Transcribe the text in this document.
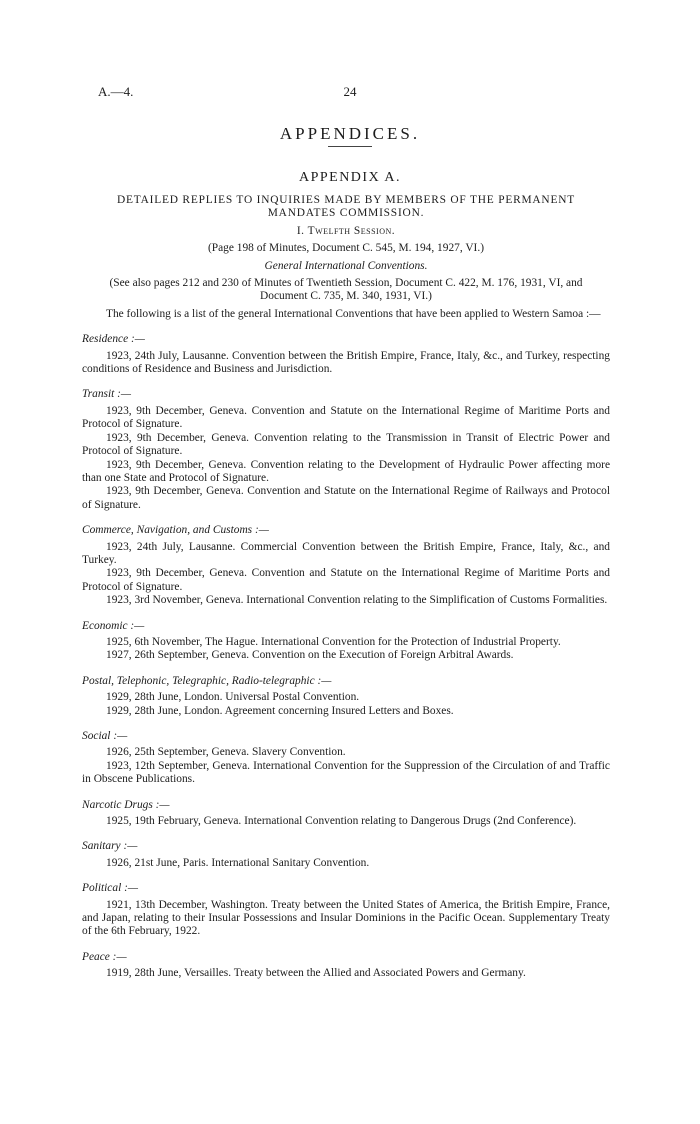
A.—4.	24
APPENDICES.
APPENDIX A.

DETAILED REPLIES TO INQUIRIES MADE BY MEMBERS OF THE PERMANENT

MANDATES COMMISSION.

I. Twelfth Session.

(Page 198 of Minutes, Document C. 545, M. 194, 1927, VI.)

General International Conventions.

(See also pages 212 and 230 of Minutes of Twentieth Session, Document C. 422, M. 176, 1931, VI, and Document C. 735, M. 340, 1931, VI.)

The following is a list of the general International Conventions that have been applied to Western Samoa :—

Residence :—

1923, 24th July, Lausanne. Convention between the British Empire, France, Italy, &c., and Turkey, respecting conditions of Residence and Business and Jurisdiction.

Transit :—

1923, 9th December, Geneva. Convention and Statute on the International Regime of Maritime Ports and Protocol of Signature.

1923, 9th December, Geneva. Convention relating to the Transmission in Transit of Electric Power and Protocol of Signature.

1923, 9th December, Geneva. Convention relating to the Development of Hydraulic Power affecting more than one State and Protocol of Signature.

1923, 9th December, Geneva. Convention and Statute on the International Regime of Railways and Protocol of Signature.

Commerce, Navigation, and Customs :—

1923, 24th July, Lausanne. Commercial Convention between the British Empire, France, Italy, &c., and Turkey.

1923, 9th December, Geneva. Convention and Statute on the International Regime of Maritime Ports and Protocol of Signature.

1923, 3rd November, Geneva. International Convention relating to the Simplification of Customs Formalities.

Economic :—

1925, 6th November, The Hague. International Convention for the Protection of Industrial Property.

1927, 26th September, Geneva. Convention on the Execution of Foreign Arbitral Awards.

Postal, Telephonic, Telegraphic, Radio-telegraphic :—

1929, 28th June, London. Universal Postal Convention.

1929, 28th June, London. Agreement concerning Insured Letters and Boxes.

Social :—

1926, 25th September, Geneva. Slavery Convention.

1923, 12th September, Geneva. International Convention for the Suppression of the Circulation of and Traffic in Obscene Publications.

Narcotic Drugs :—

1925, 19th February, Geneva. International Convention relating to Dangerous Drugs (2nd Conference).

Sanitary :—

1926, 21st June, Paris. International Sanitary Convention.

Political :—

1921, 13th December, Washington. Treaty between the United States of America, the British Empire, France, and Japan, relating to their Insular Possessions and Insular Dominions in the Pacific Ocean. Supplementary Treaty of the 6th February, 1922.

Peace :—

1919, 28th June, Versailles. Treaty between the Allied and Associated Powers and Germany.
